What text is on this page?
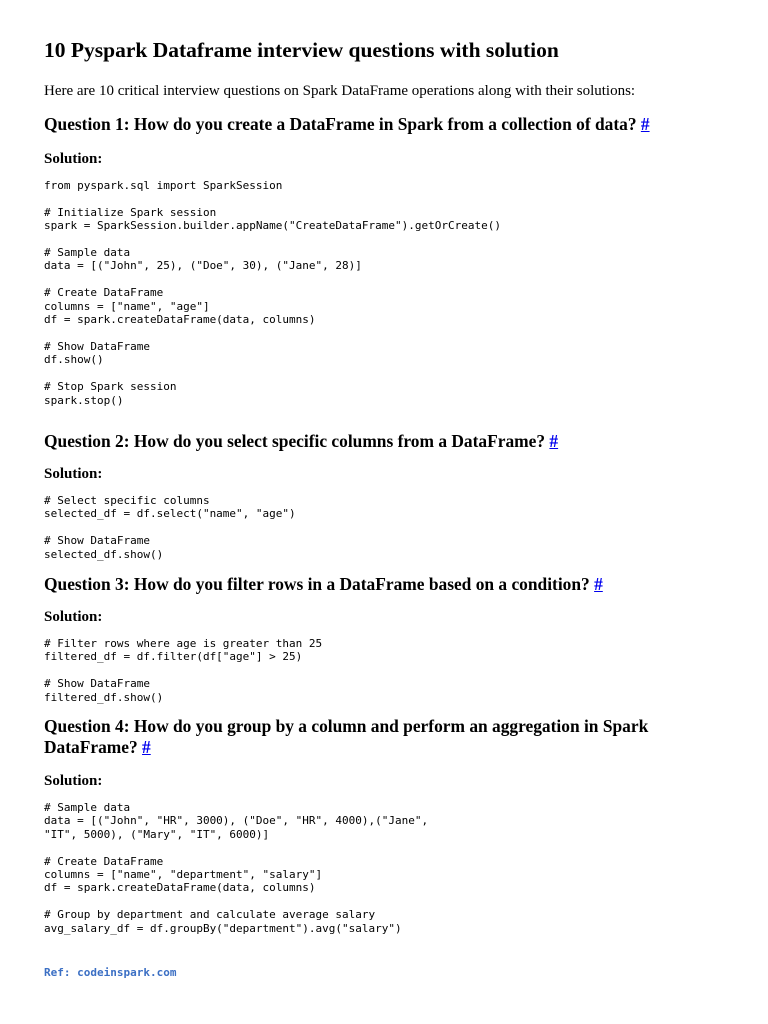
10 Pyspark Dataframe interview questions with solution

Here are 10 critical interview questions on Spark DataFrame operations along with their solutions:

Question 1: How do you create a DataFrame in Spark from a collection of data? #

Solution:

from pyspark.sql import SparkSession

# Initialize Spark session
spark = SparkSession.builder.appName("CreateDataFrame").getOrCreate()

# Sample data
data = [("John", 25), ("Doe", 30), ("Jane", 28)]

# Create DataFrame
columns = ["name", "age"]
df = spark.createDataFrame(data, columns)

# Show DataFrame
df.show()

# Stop Spark session
spark.stop()
Question 2: How do you select specific columns from a DataFrame? #

Solution:

# Select specific columns
selected_df = df.select("name", "age")

# Show DataFrame
selected_df.show()
Question 3: How do you filter rows in a DataFrame based on a condition? #

Solution:

# Filter rows where age is greater than 25
filtered_df = df.filter(df["age"] > 25)

# Show DataFrame
filtered_df.show()
Question 4: How do you group by a column and perform an aggregation in Spark DataFrame? #

Solution:

# Sample data
data = [("John", "HR", 3000), ("Doe", "HR", 4000),("Jane",
"IT", 5000), ("Mary", "IT", 6000)]

# Create DataFrame
columns = ["name", "department", "salary"]
df = spark.createDataFrame(data, columns)

# Group by department and calculate average salary
avg_salary_df = df.groupBy("department").avg("salary")

Ref: codeinspark.com
